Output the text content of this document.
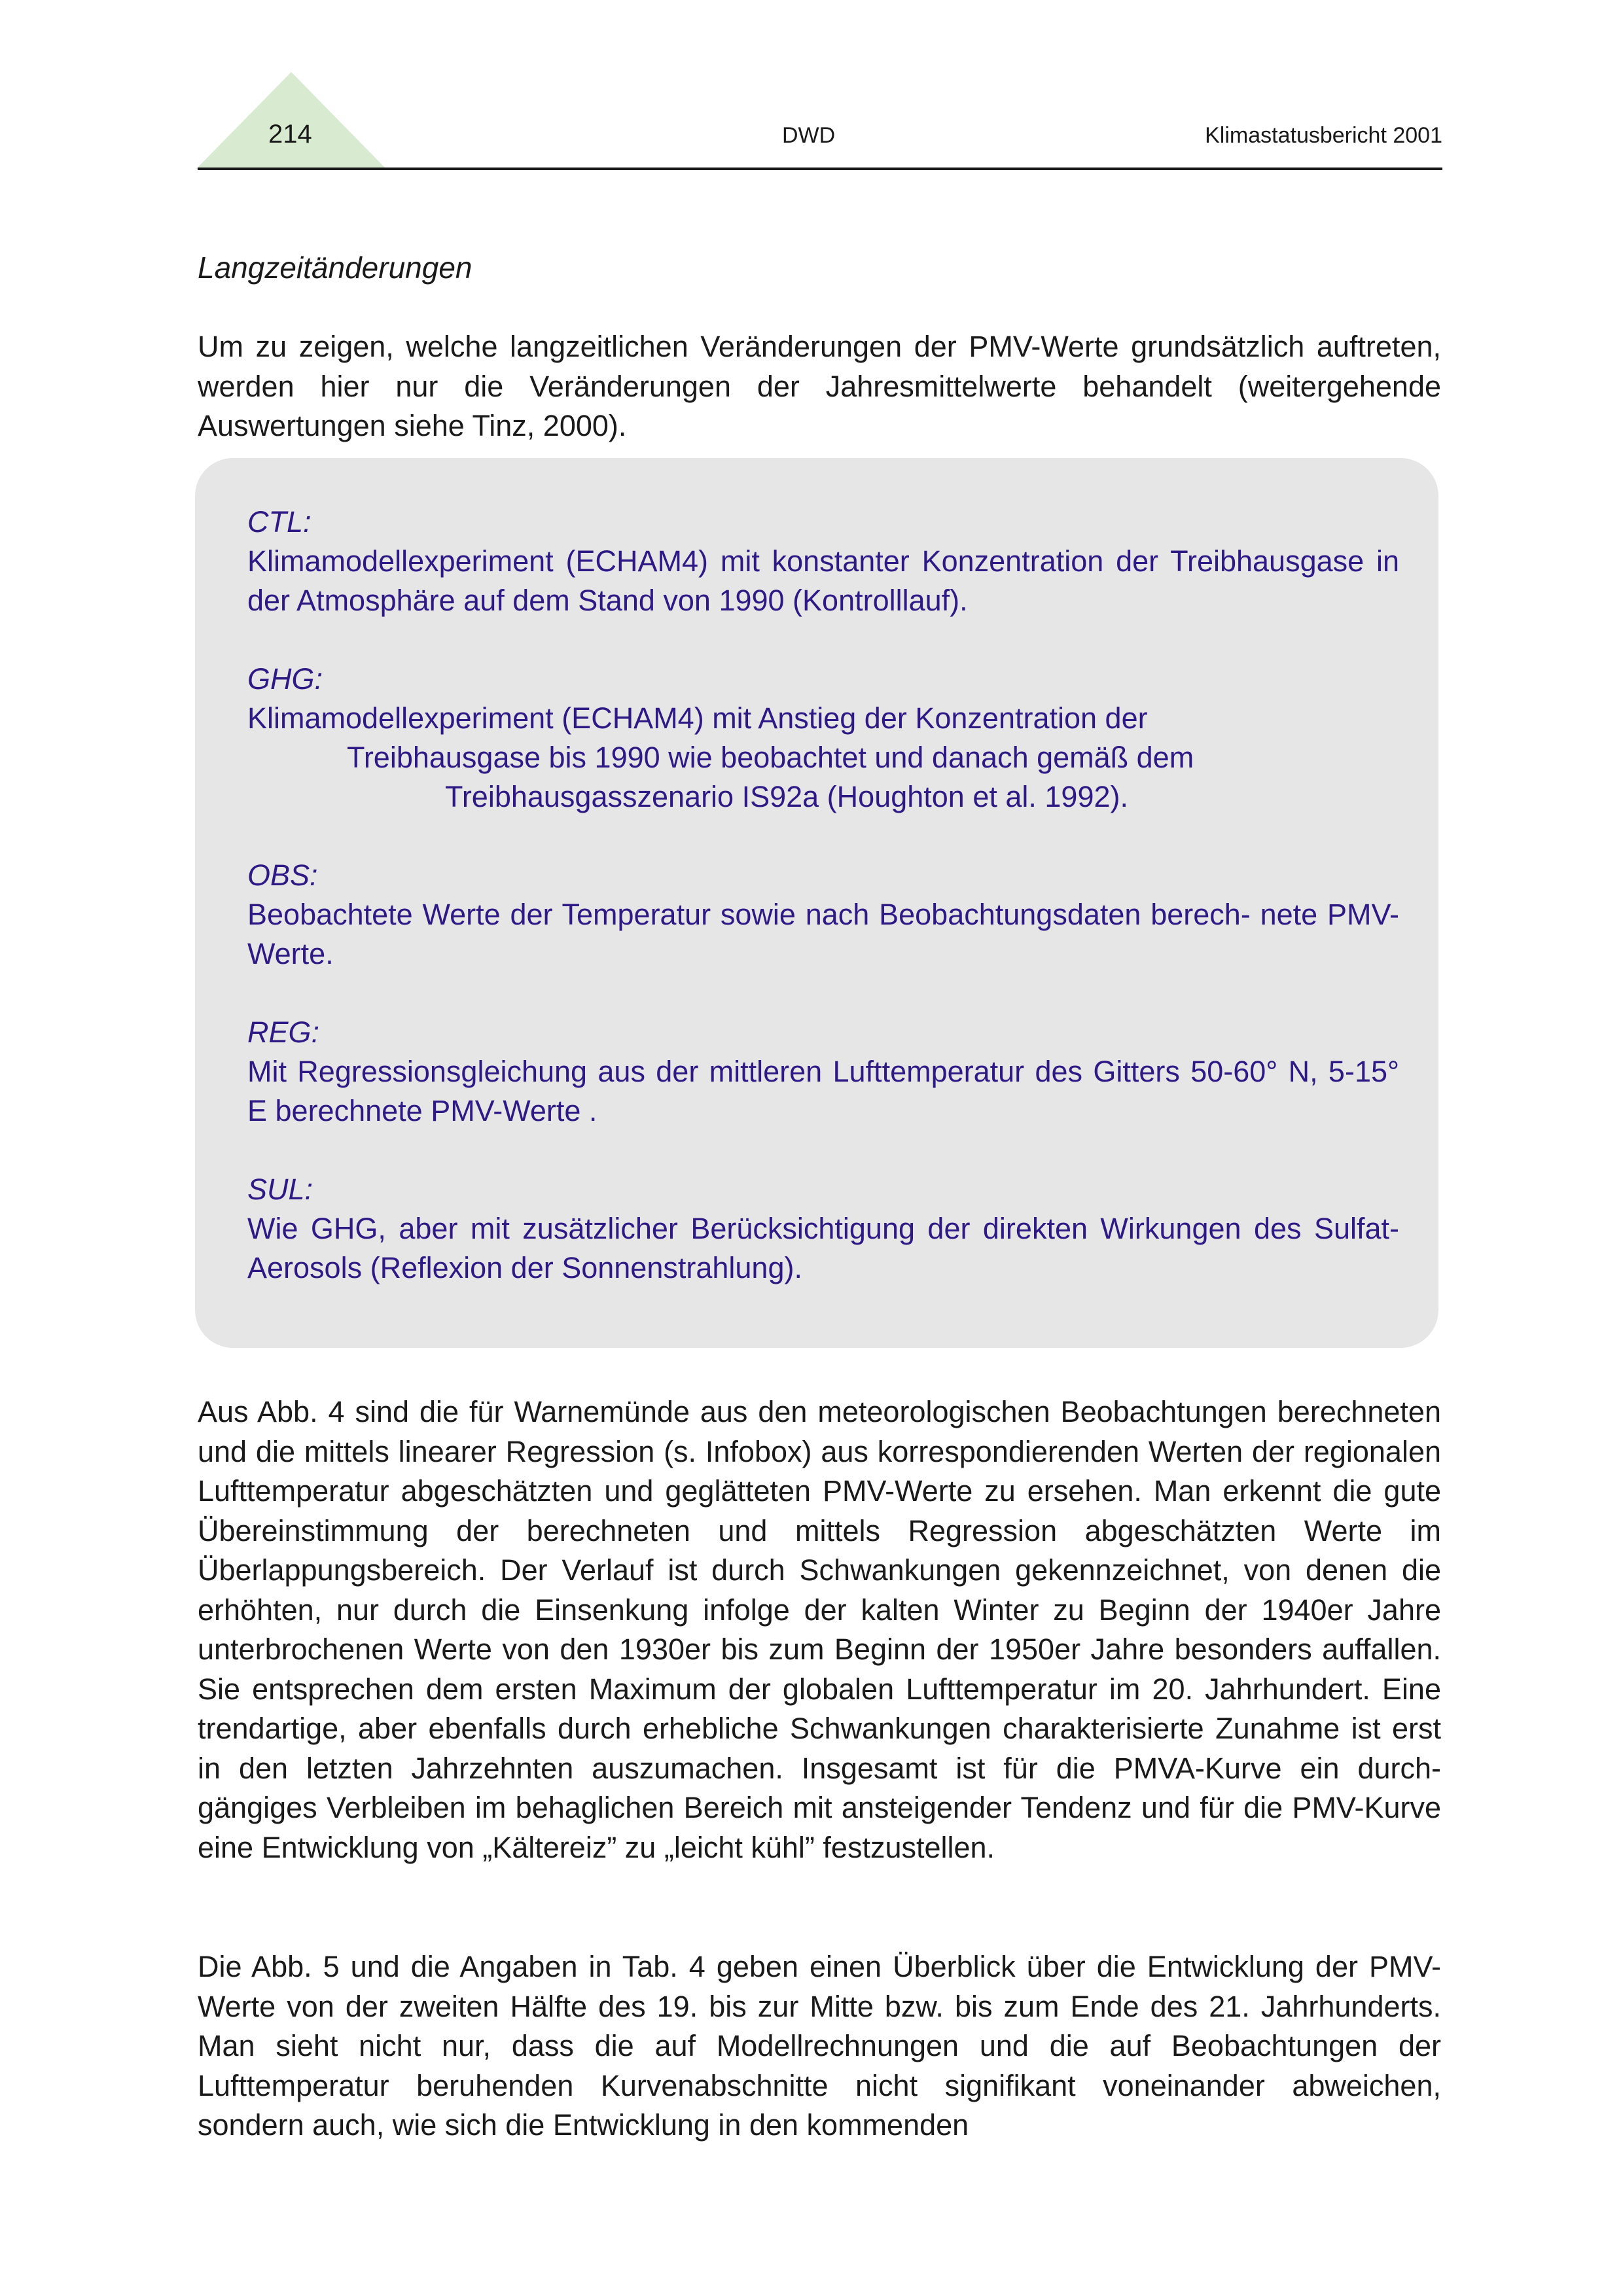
214	DWD	Klimastatusbericht 2001
Langzeitänderungen

Um zu zeigen, welche langzeitlichen Veränderungen der PMV-Werte grundsätzlich auftreten, werden hier nur die Veränderungen der Jahresmittelwerte behandelt (weitergehende Auswertungen siehe Tinz, 2000).

CTL:
Klimamodellexperiment (ECHAM4) mit konstanter Konzentration der Treibhausgase in der Atmosphäre auf dem Stand von 1990 (Kontrolllauf).
GHG:
Klimamodellexperiment (ECHAM4) mit Anstieg der Konzentration der
Treibhausgase bis 1990 wie beobachtet und danach gemäß dem
Treibhausgasszenario IS92a (Houghton et al. 1992).
OBS:
Beobachtete Werte der Temperatur sowie nach Beobachtungsdaten berech- nete PMV-Werte.
REG:
Mit Regressionsgleichung aus der mittleren Lufttemperatur des Gitters 50-60° N, 5-15° E berechnete PMV-Werte .
SUL:
Wie GHG, aber mit zusätzlicher Berücksichtigung der direkten Wirkungen des Sulfat-Aerosols (Reflexion der Sonnenstrahlung).

Aus Abb. 4 sind die für Warnemünde aus den meteorologischen Beobachtungen berechneten und die mittels linearer Regression (s. Infobox) aus korrespondierenden Werten der regionalen Lufttemperatur abgeschätzten und geglätteten PMV-Werte zu ersehen. Man erkennt die gute Übereinstimmung der berechneten und mittels Regression abgeschätzten Werte im Überlappungsbereich. Der Verlauf ist durch Schwankungen gekennzeichnet, von denen die erhöhten, nur durch die Einsenkung infolge der kalten Winter zu Beginn der 1940er Jahre unterbrochenen Werte von den 1930er bis zum Beginn der 1950er Jahre besonders auffallen. Sie entsprechen dem ersten Maximum der globalen Lufttemperatur im 20. Jahrhundert. Eine trendartige, aber ebenfalls durch erhebliche Schwankungen charakterisierte Zunahme ist erst in den letzten Jahrzehnten auszumachen. Insgesamt ist für die PMVA-Kurve ein durch- gängiges Verbleiben im behaglichen Bereich mit ansteigender Tendenz und für die PMV-Kurve eine Entwicklung von „Kältereiz” zu „leicht kühl” festzustellen.

Die Abb. 5 und die Angaben in Tab. 4 geben einen Überblick über die Entwicklung der PMV-Werte von der zweiten Hälfte des 19. bis zur Mitte bzw. bis zum Ende des 21. Jahrhunderts. Man sieht nicht nur, dass die auf Modellrechnungen und die auf Beobachtungen der Lufttemperatur beruhenden Kurvenabschnitte nicht signifikant voneinander abweichen, sondern auch, wie sich die Entwicklung in den kommenden
